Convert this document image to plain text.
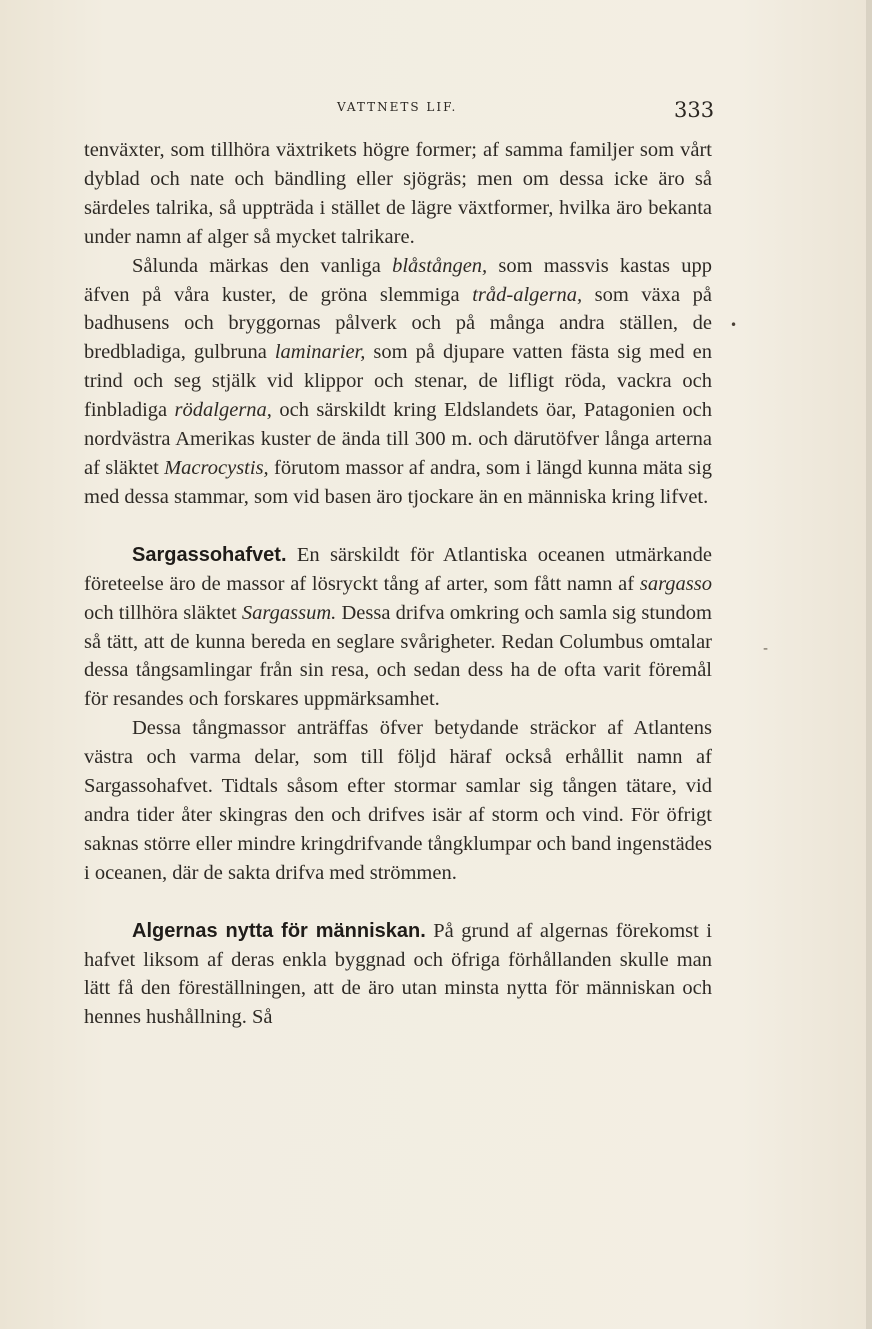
VATTNETS LIF.	333

tenväxter, som tillhöra växtrikets högre former; af samma familjer som vårt dyblad och nate och bändling eller sjögräs; men om dessa icke äro så särdeles talrika, så uppträda i stället de lägre växtformer, hvilka äro bekanta under namn af alger så mycket talrikare.

Sålunda märkas den vanliga blåstången, som massvis kastas upp äfven på våra kuster, de gröna slemmiga tråd-algerna, som växa på badhusens och bryggornas pålverk och på många andra ställen, de bredbladiga, gulbruna laminarier, som på djupare vatten fästa sig med en trind och seg stjälk vid klippor och stenar, de lifligt röda, vackra och finbladiga rödalgerna, och särskildt kring Eldslandets öar, Patagonien och nordvästra Amerikas kuster de ända till 300 m. och därutöfver långa arterna af släktet Macrocystis, förutom massor af andra, som i längd kunna mäta sig med dessa stammar, som vid basen äro tjockare än en människa kring lifvet.

Sargassohafvet. En särskildt för Atlantiska oceanen utmärkande företeelse äro de massor af lösryckt tång af arter, som fått namn af sargasso och tillhöra släktet Sargassum. Dessa drifva omkring och samla sig stundom så tätt, att de kunna bereda en seglare svårigheter. Redan Columbus omtalar dessa tångsamlingar från sin resa, och sedan dess ha de ofta varit föremål för resandes och forskares uppmärksamhet.

Dessa tångmassor anträffas öfver betydande sträckor af Atlantens västra och varma delar, som till följd häraf också erhållit namn af Sargassohafvet. Tidtals såsom efter stormar samlar sig tången tätare, vid andra tider åter skingras den och drifves isär af storm och vind. För öfrigt saknas större eller mindre kringdrifvande tångklumpar och band ingenstädes i oceanen, där de sakta drifva med strömmen.

Algernas nytta för människan. På grund af algernas förekomst i hafvet liksom af deras enkla byggnad och öfriga förhållanden skulle man lätt få den föreställningen, att de äro utan minsta nytta för människan och hennes hushållning. Så

•
-
